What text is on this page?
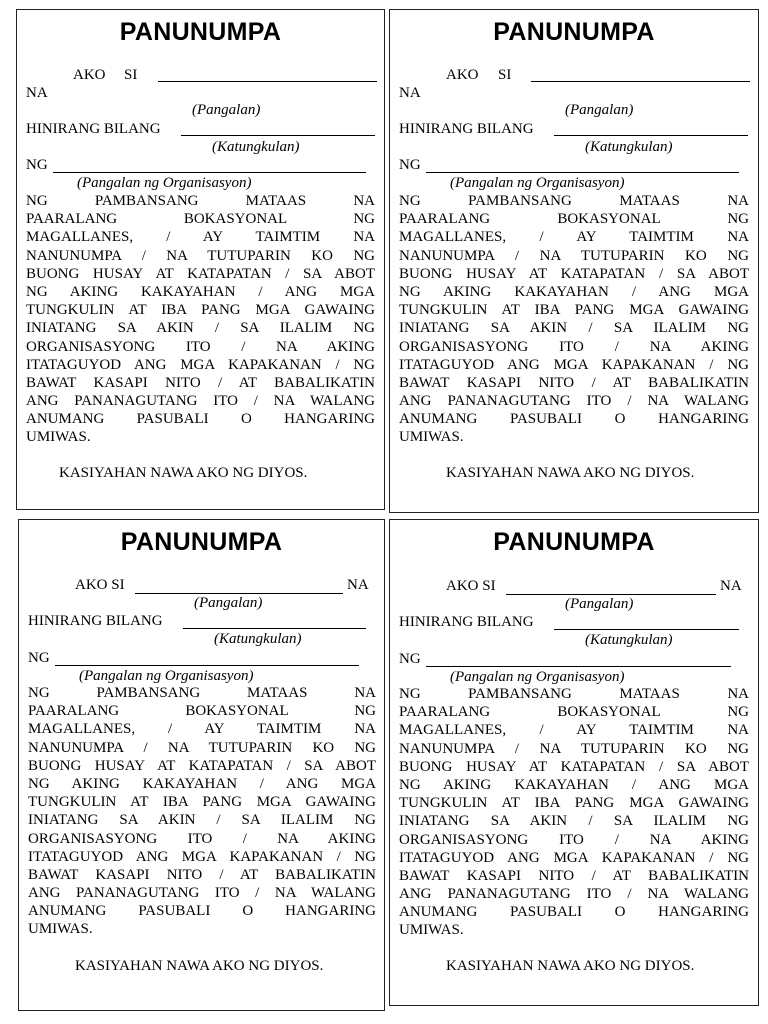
PANUNUMPA
AKO SI
NA
(Pangalan)
HINIRANG BILANG
(Katungkulan)
NG
(Pangalan ng Organisasyon)
NG PAMBANSANG MATAAS NA
PAARALANG BOKASYONAL NG
MAGALLANES, / AY TAIMTIM NA
NANUNUMPA / NA TUTUPARIN KO NG
BUONG HUSAY AT KATAPATAN / SA ABOT
NG AKING KAKAYAHAN / ANG MGA
TUNGKULIN AT IBA PANG MGA GAWAING
INIATANG SA AKIN / SA ILALIM NG
ORGANISASYONG ITO / NA AKING
ITATAGUYOD ANG MGA KAPAKANAN / NG
BAWAT KASAPI NITO / AT BABALIKATIN
ANG PANANAGUTANG ITO / NA WALANG
ANUMANG PASUBALI O HANGARING
UMIWAS.
KASIYAHAN NAWA AKO NG DIYOS.
PANUNUMPA
AKO SI
NA
(Pangalan)
HINIRANG BILANG
(Katungkulan)
NG
(Pangalan ng Organisasyon)
NG PAMBANSANG MATAAS NA
PAARALANG BOKASYONAL NG
MAGALLANES, / AY TAIMTIM NA
NANUNUMPA / NA TUTUPARIN KO NG
BUONG HUSAY AT KATAPATAN / SA ABOT
NG AKING KAKAYAHAN / ANG MGA
TUNGKULIN AT IBA PANG MGA GAWAING
INIATANG SA AKIN / SA ILALIM NG
ORGANISASYONG ITO / NA AKING
ITATAGUYOD ANG MGA KAPAKANAN / NG
BAWAT KASAPI NITO / AT BABALIKATIN
ANG PANANAGUTANG ITO / NA WALANG
ANUMANG PASUBALI O HANGARING
UMIWAS.
KASIYAHAN NAWA AKO NG DIYOS.
PANUNUMPA
AKO SI	NA
(Pangalan)
HINIRANG BILANG
(Katungkulan)
NG
(Pangalan ng Organisasyon)
NG PAMBANSANG MATAAS NA
PAARALANG BOKASYONAL NG
MAGALLANES, / AY TAIMTIM NA
NANUNUMPA / NA TUTUPARIN KO NG
BUONG HUSAY AT KATAPATAN / SA ABOT
NG AKING KAKAYAHAN / ANG MGA
TUNGKULIN AT IBA PANG MGA GAWAING
INIATANG SA AKIN / SA ILALIM NG
ORGANISASYONG ITO / NA AKING
ITATAGUYOD ANG MGA KAPAKANAN / NG
BAWAT KASAPI NITO / AT BABALIKATIN
ANG PANANAGUTANG ITO / NA WALANG
ANUMANG PASUBALI O HANGARING
UMIWAS.
KASIYAHAN NAWA AKO NG DIYOS.
PANUNUMPA
AKO SI	NA
(Pangalan)
HINIRANG BILANG
(Katungkulan)
NG
(Pangalan ng Organisasyon)
NG PAMBANSANG MATAAS NA
PAARALANG BOKASYONAL NG
MAGALLANES, / AY TAIMTIM NA
NANUNUMPA / NA TUTUPARIN KO NG
BUONG HUSAY AT KATAPATAN / SA ABOT
NG AKING KAKAYAHAN / ANG MGA
TUNGKULIN AT IBA PANG MGA GAWAING
INIATANG SA AKIN / SA ILALIM NG
ORGANISASYONG ITO / NA AKING
ITATAGUYOD ANG MGA KAPAKANAN / NG
BAWAT KASAPI NITO / AT BABALIKATIN
ANG PANANAGUTANG ITO / NA WALANG
ANUMANG PASUBALI O HANGARING
UMIWAS.
KASIYAHAN NAWA AKO NG DIYOS.
